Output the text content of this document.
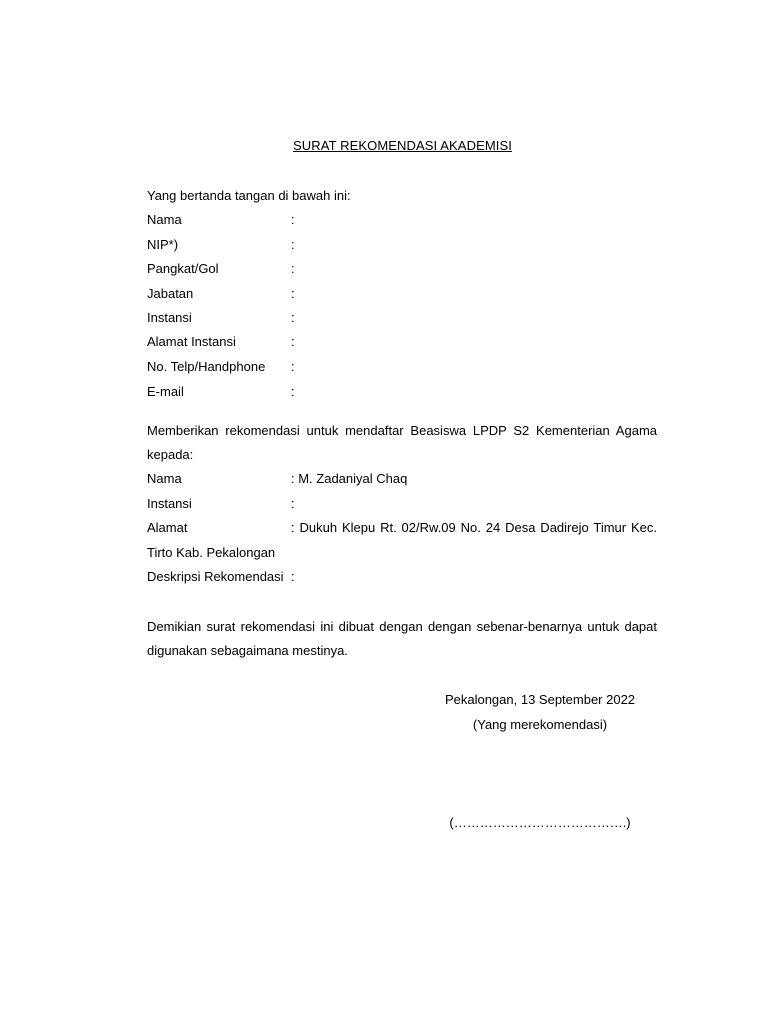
SURAT REKOMENDASI AKADEMISI
Yang bertanda tangan di bawah ini:
Nama	:
NIP*)	:
Pangkat/Gol	:
Jabatan	:
Instansi	:
Alamat Instansi	:
No. Telp/Handphone :
E-mail	:
Memberikan rekomendasi untuk mendaftar Beasiswa LPDP S2 Kementerian Agama
kepada:
Nama	: M. Zadaniyal Chaq
Instansi	:
Alamat	: Dukuh Klepu Rt. 02/Rw.09 No. 24 Desa Dadirejo Timur Kec.
Tirto Kab. Pekalongan
Deskripsi Rekomendasi :
Demikian surat rekomendasi ini dibuat dengan dengan sebenar-benarnya untuk dapat
digunakan sebagaimana mestinya.
Pekalongan, 13 September 2022
(Yang merekomendasi)
(………………………………….)
